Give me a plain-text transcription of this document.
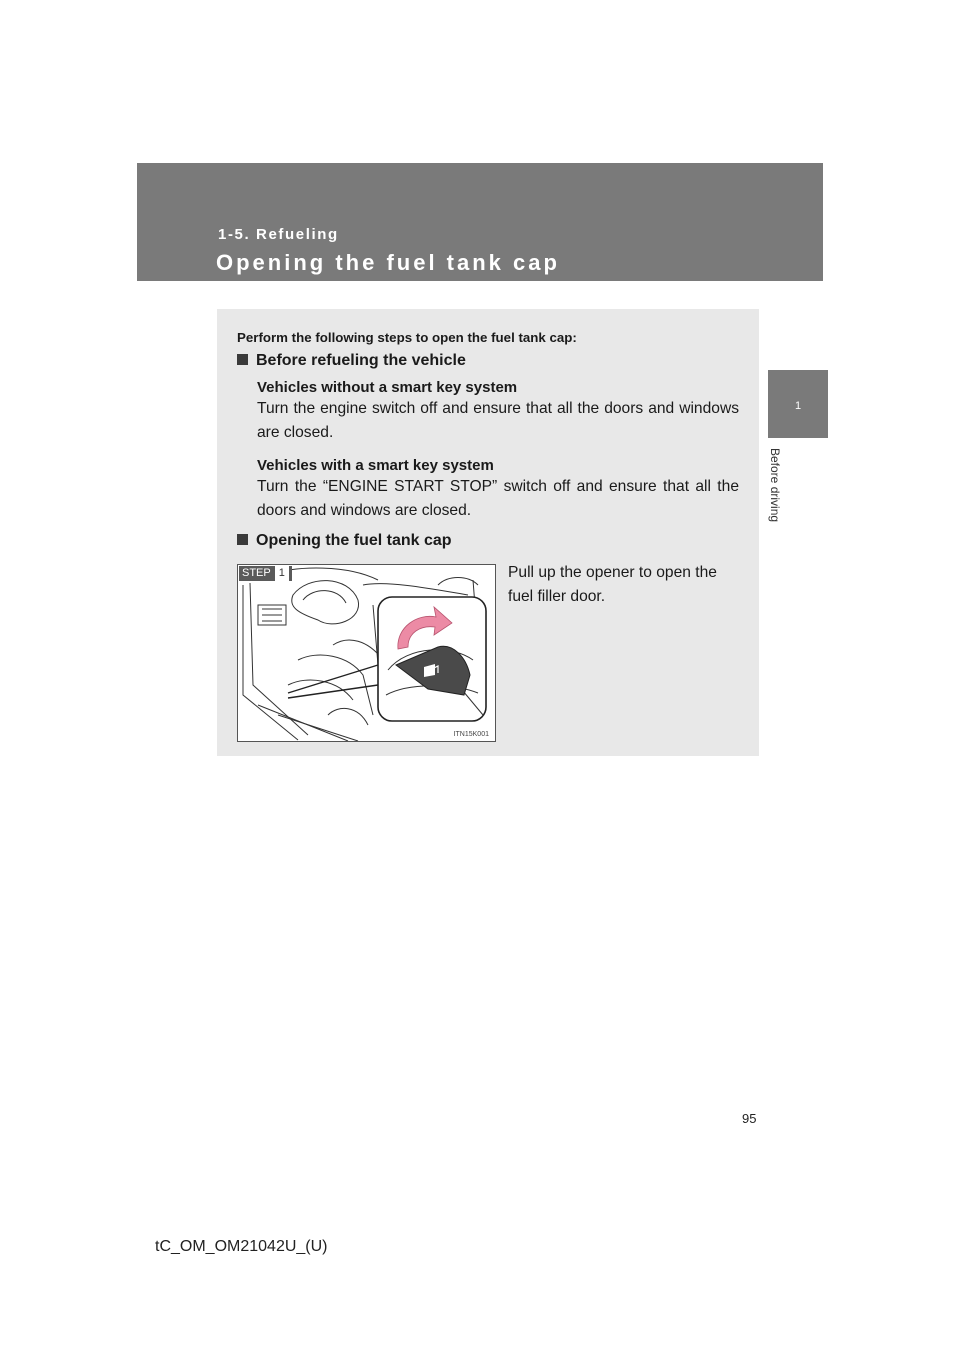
1-5. Refueling
Opening the fuel tank cap
1
Before driving
Perform the following steps to open the fuel tank cap:
Before refueling the vehicle
Vehicles without a smart key system
Turn the engine switch off and ensure that all the doors and windows are closed.
Vehicles with a smart key system
Turn the “ENGINE START STOP” switch off and ensure that all the doors and windows are closed.
Opening the fuel tank cap
STEP 1
ITN15K001
Pull up the opener to open the fuel filler door.
95
tC_OM_OM21042U_(U)
